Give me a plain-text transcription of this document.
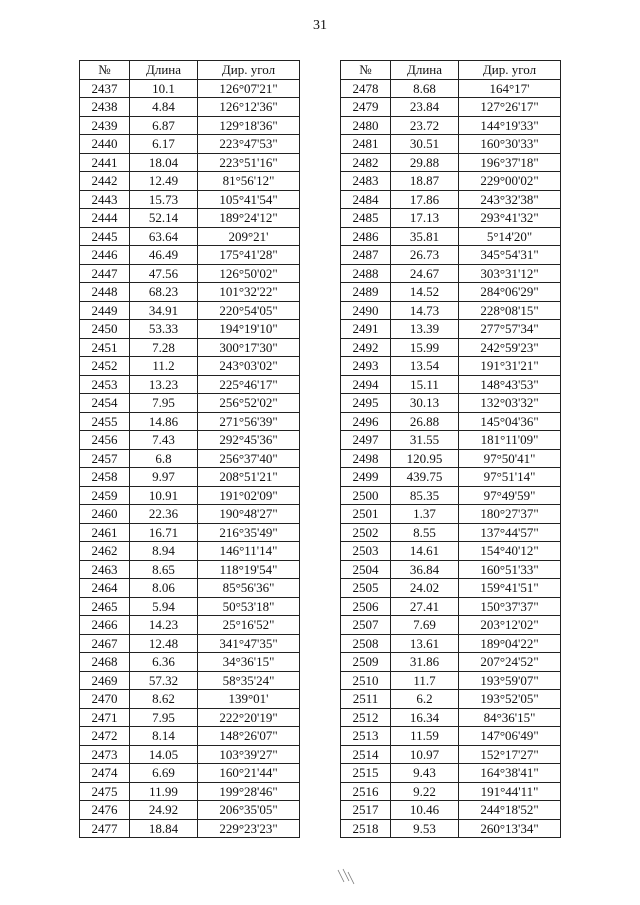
31
№	Длина	Дир. угол
2437	10.1	126°07'21"
2438	4.84	126°12'36"
2439	6.87	129°18'36"
2440	6.17	223°47'53"
2441	18.04	223°51'16"
2442	12.49	81°56'12"
2443	15.73	105°41'54"
2444	52.14	189°24'12"
2445	63.64	209°21'
2446	46.49	175°41'28"
2447	47.56	126°50'02"
2448	68.23	101°32'22"
2449	34.91	220°54'05"
2450	53.33	194°19'10"
2451	7.28	300°17'30"
2452	11.2	243°03'02"
2453	13.23	225°46'17"
2454	7.95	256°52'02"
2455	14.86	271°56'39"
2456	7.43	292°45'36"
2457	6.8	256°37'40"
2458	9.97	208°51'21"
2459	10.91	191°02'09"
2460	22.36	190°48'27"
2461	16.71	216°35'49"
2462	8.94	146°11'14"
2463	8.65	118°19'54"
2464	8.06	85°56'36"
2465	5.94	50°53'18"
2466	14.23	25°16'52"
2467	12.48	341°47'35"
2468	6.36	34°36'15"
2469	57.32	58°35'24"
2470	8.62	139°01'
2471	7.95	222°20'19"
2472	8.14	148°26'07"
2473	14.05	103°39'27"
2474	6.69	160°21'44"
2475	11.99	199°28'46"
2476	24.92	206°35'05"
2477	18.84	229°23'23"
№	Длина	Дир. угол
2478	8.68	164°17'
2479	23.84	127°26'17"
2480	23.72	144°19'33"
2481	30.51	160°30'33"
2482	29.88	196°37'18"
2483	18.87	229°00'02"
2484	17.86	243°32'38"
2485	17.13	293°41'32"
2486	35.81	5°14'20"
2487	26.73	345°54'31"
2488	24.67	303°31'12"
2489	14.52	284°06'29"
2490	14.73	228°08'15"
2491	13.39	277°57'34"
2492	15.99	242°59'23"
2493	13.54	191°31'21"
2494	15.11	148°43'53"
2495	30.13	132°03'32"
2496	26.88	145°04'36"
2497	31.55	181°11'09"
2498	120.95	97°50'41"
2499	439.75	97°51'14"
2500	85.35	97°49'59"
2501	1.37	180°27'37"
2502	8.55	137°44'57"
2503	14.61	154°40'12"
2504	36.84	160°51'33"
2505	24.02	159°41'51"
2506	27.41	150°37'37"
2507	7.69	203°12'02"
2508	13.61	189°04'22"
2509	31.86	207°24'52"
2510	11.7	193°59'07"
2511	6.2	193°52'05"
2512	16.34	84°36'15"
2513	11.59	147°06'49"
2514	10.97	152°17'27"
2515	9.43	164°38'41"
2516	9.22	191°44'11"
2517	10.46	244°18'52"
2518	9.53	260°13'34"
